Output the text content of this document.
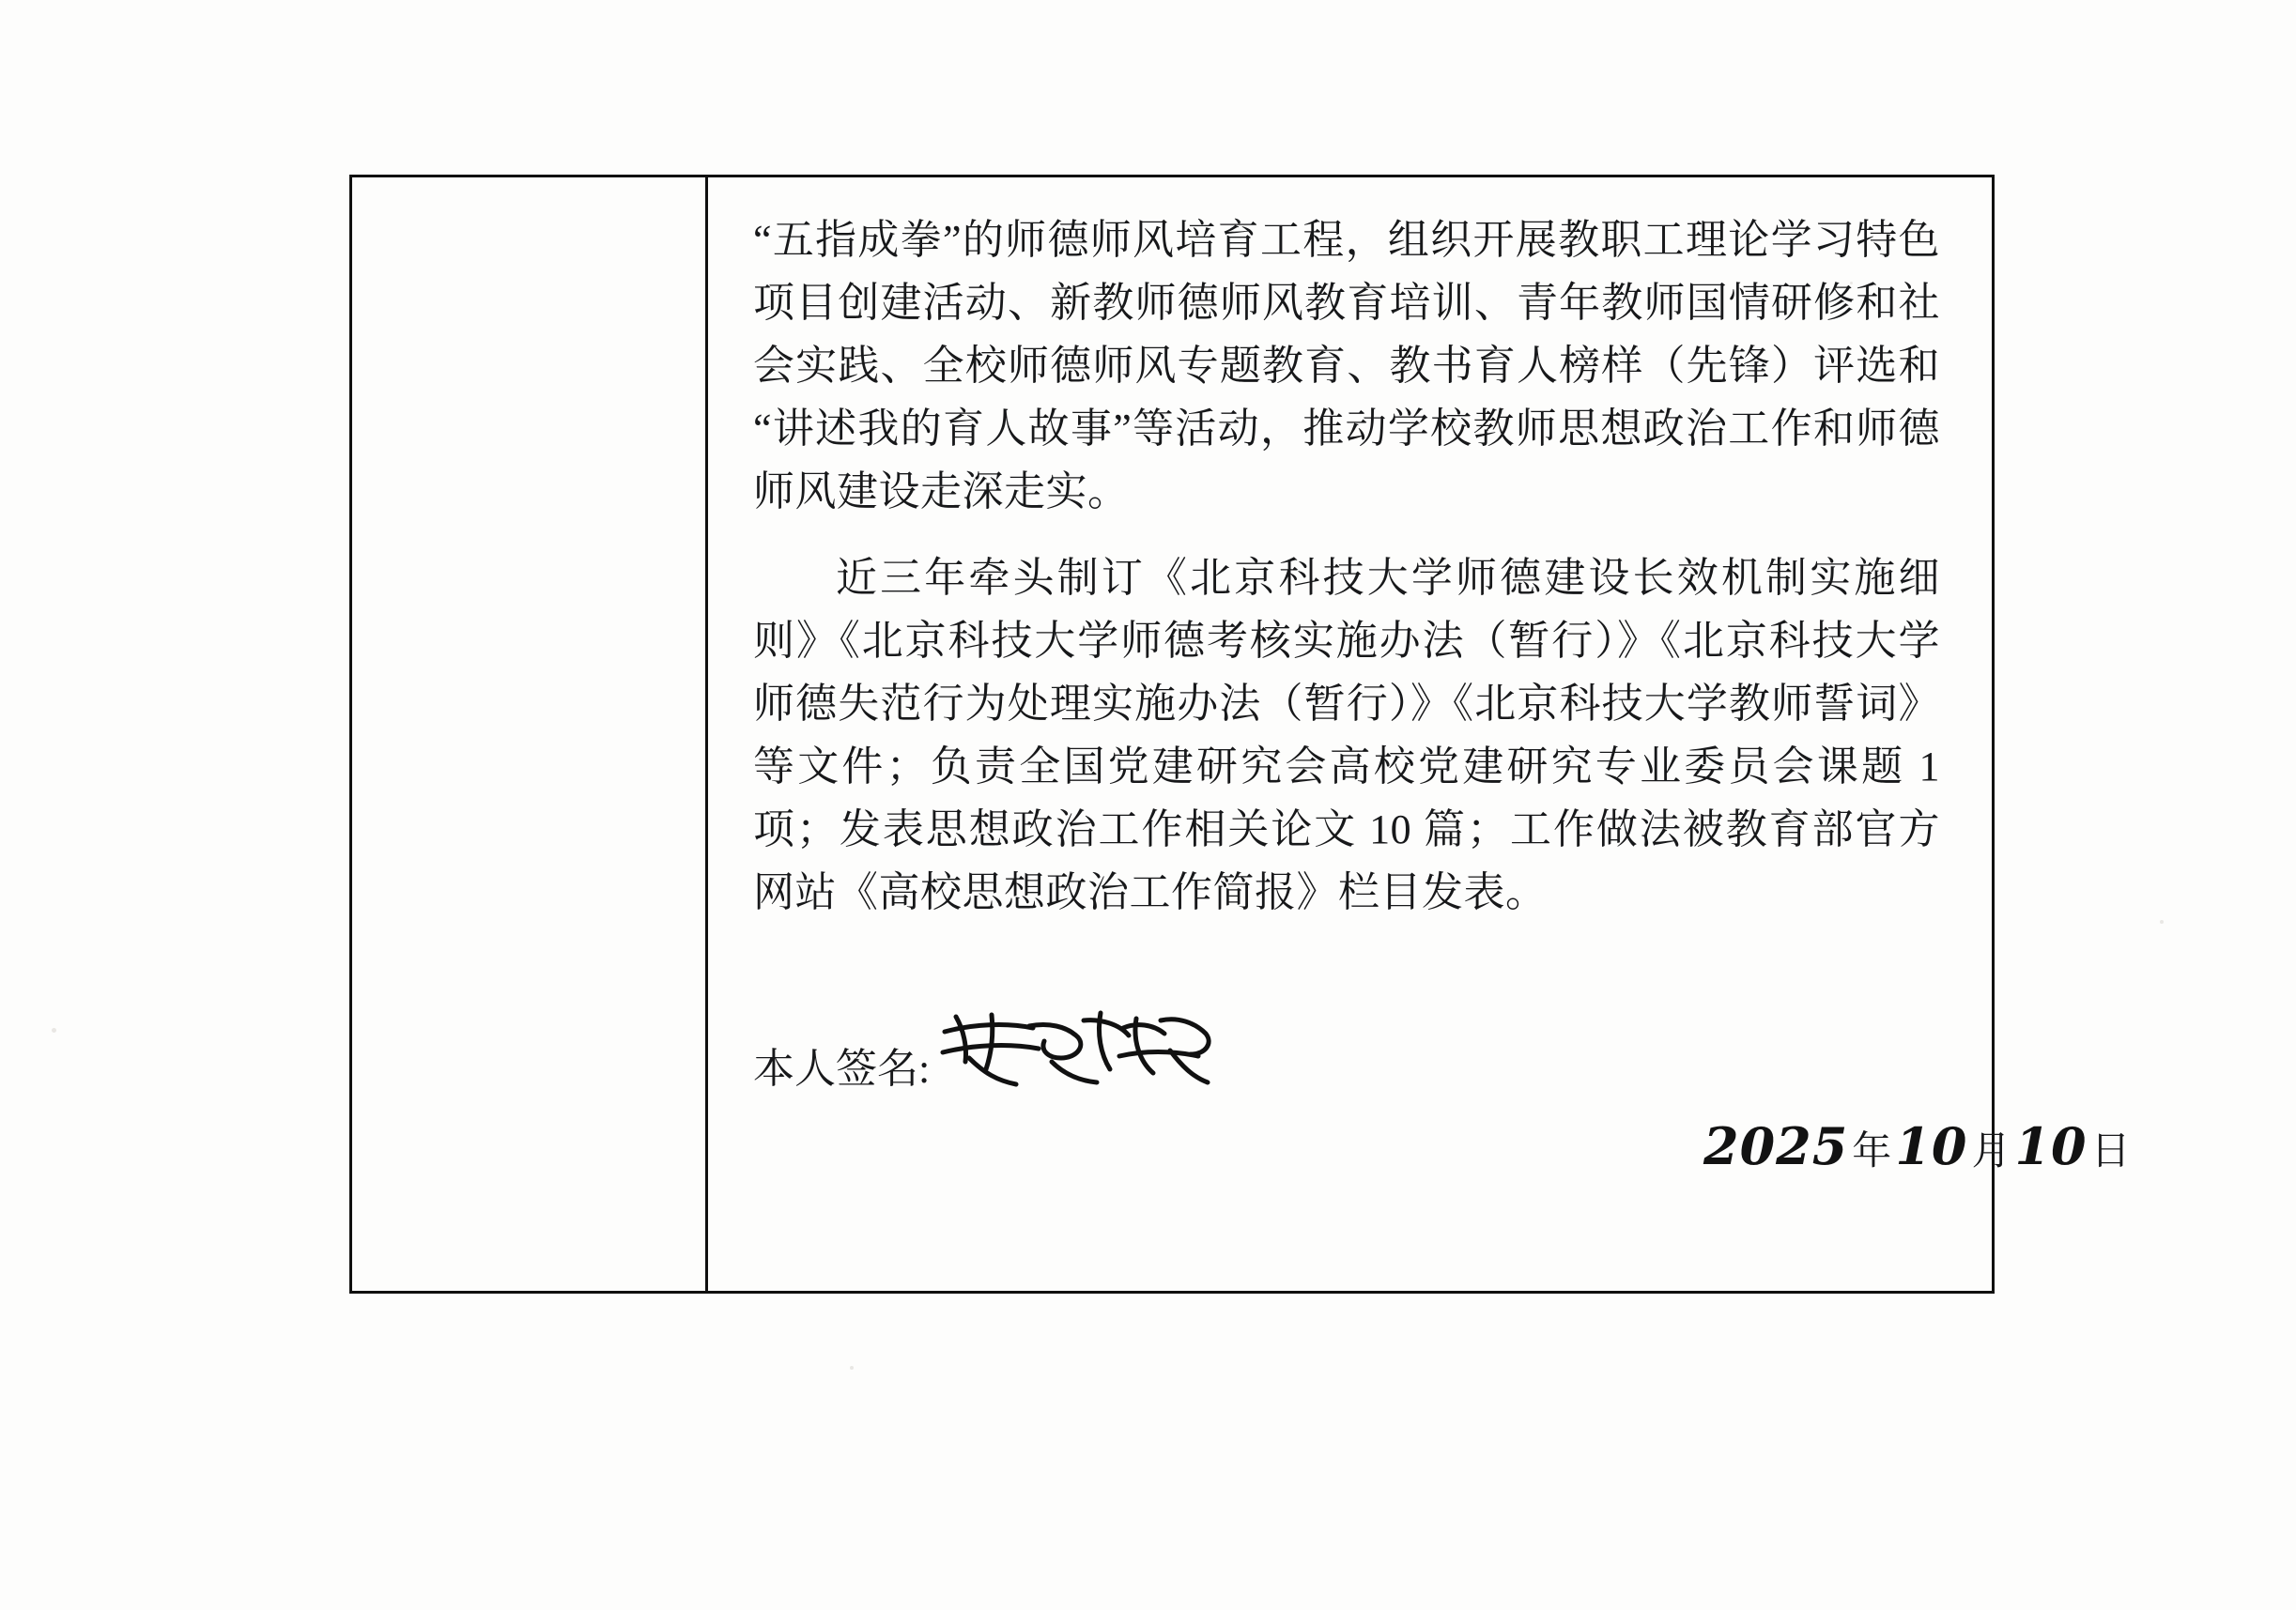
“五指成拳”的师德师风培育工程，组织开展教职工理论学习特色项目创建活动、新教师德师风教育培训、青年教师国情研修和社会实践、全校师德师风专题教育、教书育人榜样（先锋）评选和“讲述我的育人故事”等活动，推动学校教师思想政治工作和师德师风建设走深走实。

近三年牵头制订《北京科技大学师德建设长效机制实施细则》《北京科技大学师德考核实施办法（暂行）》《北京科技大学师德失范行为处理实施办法（暂行）》《北京科技大学教师誓词》等文件；负责全国党建研究会高校党建研究专业委员会课题 1 项；发表思想政治工作相关论文 10 篇；工作做法被教育部官方网站《高校思想政治工作简报》栏目发表。

本人签名:
2025 年 10 月 10 日
